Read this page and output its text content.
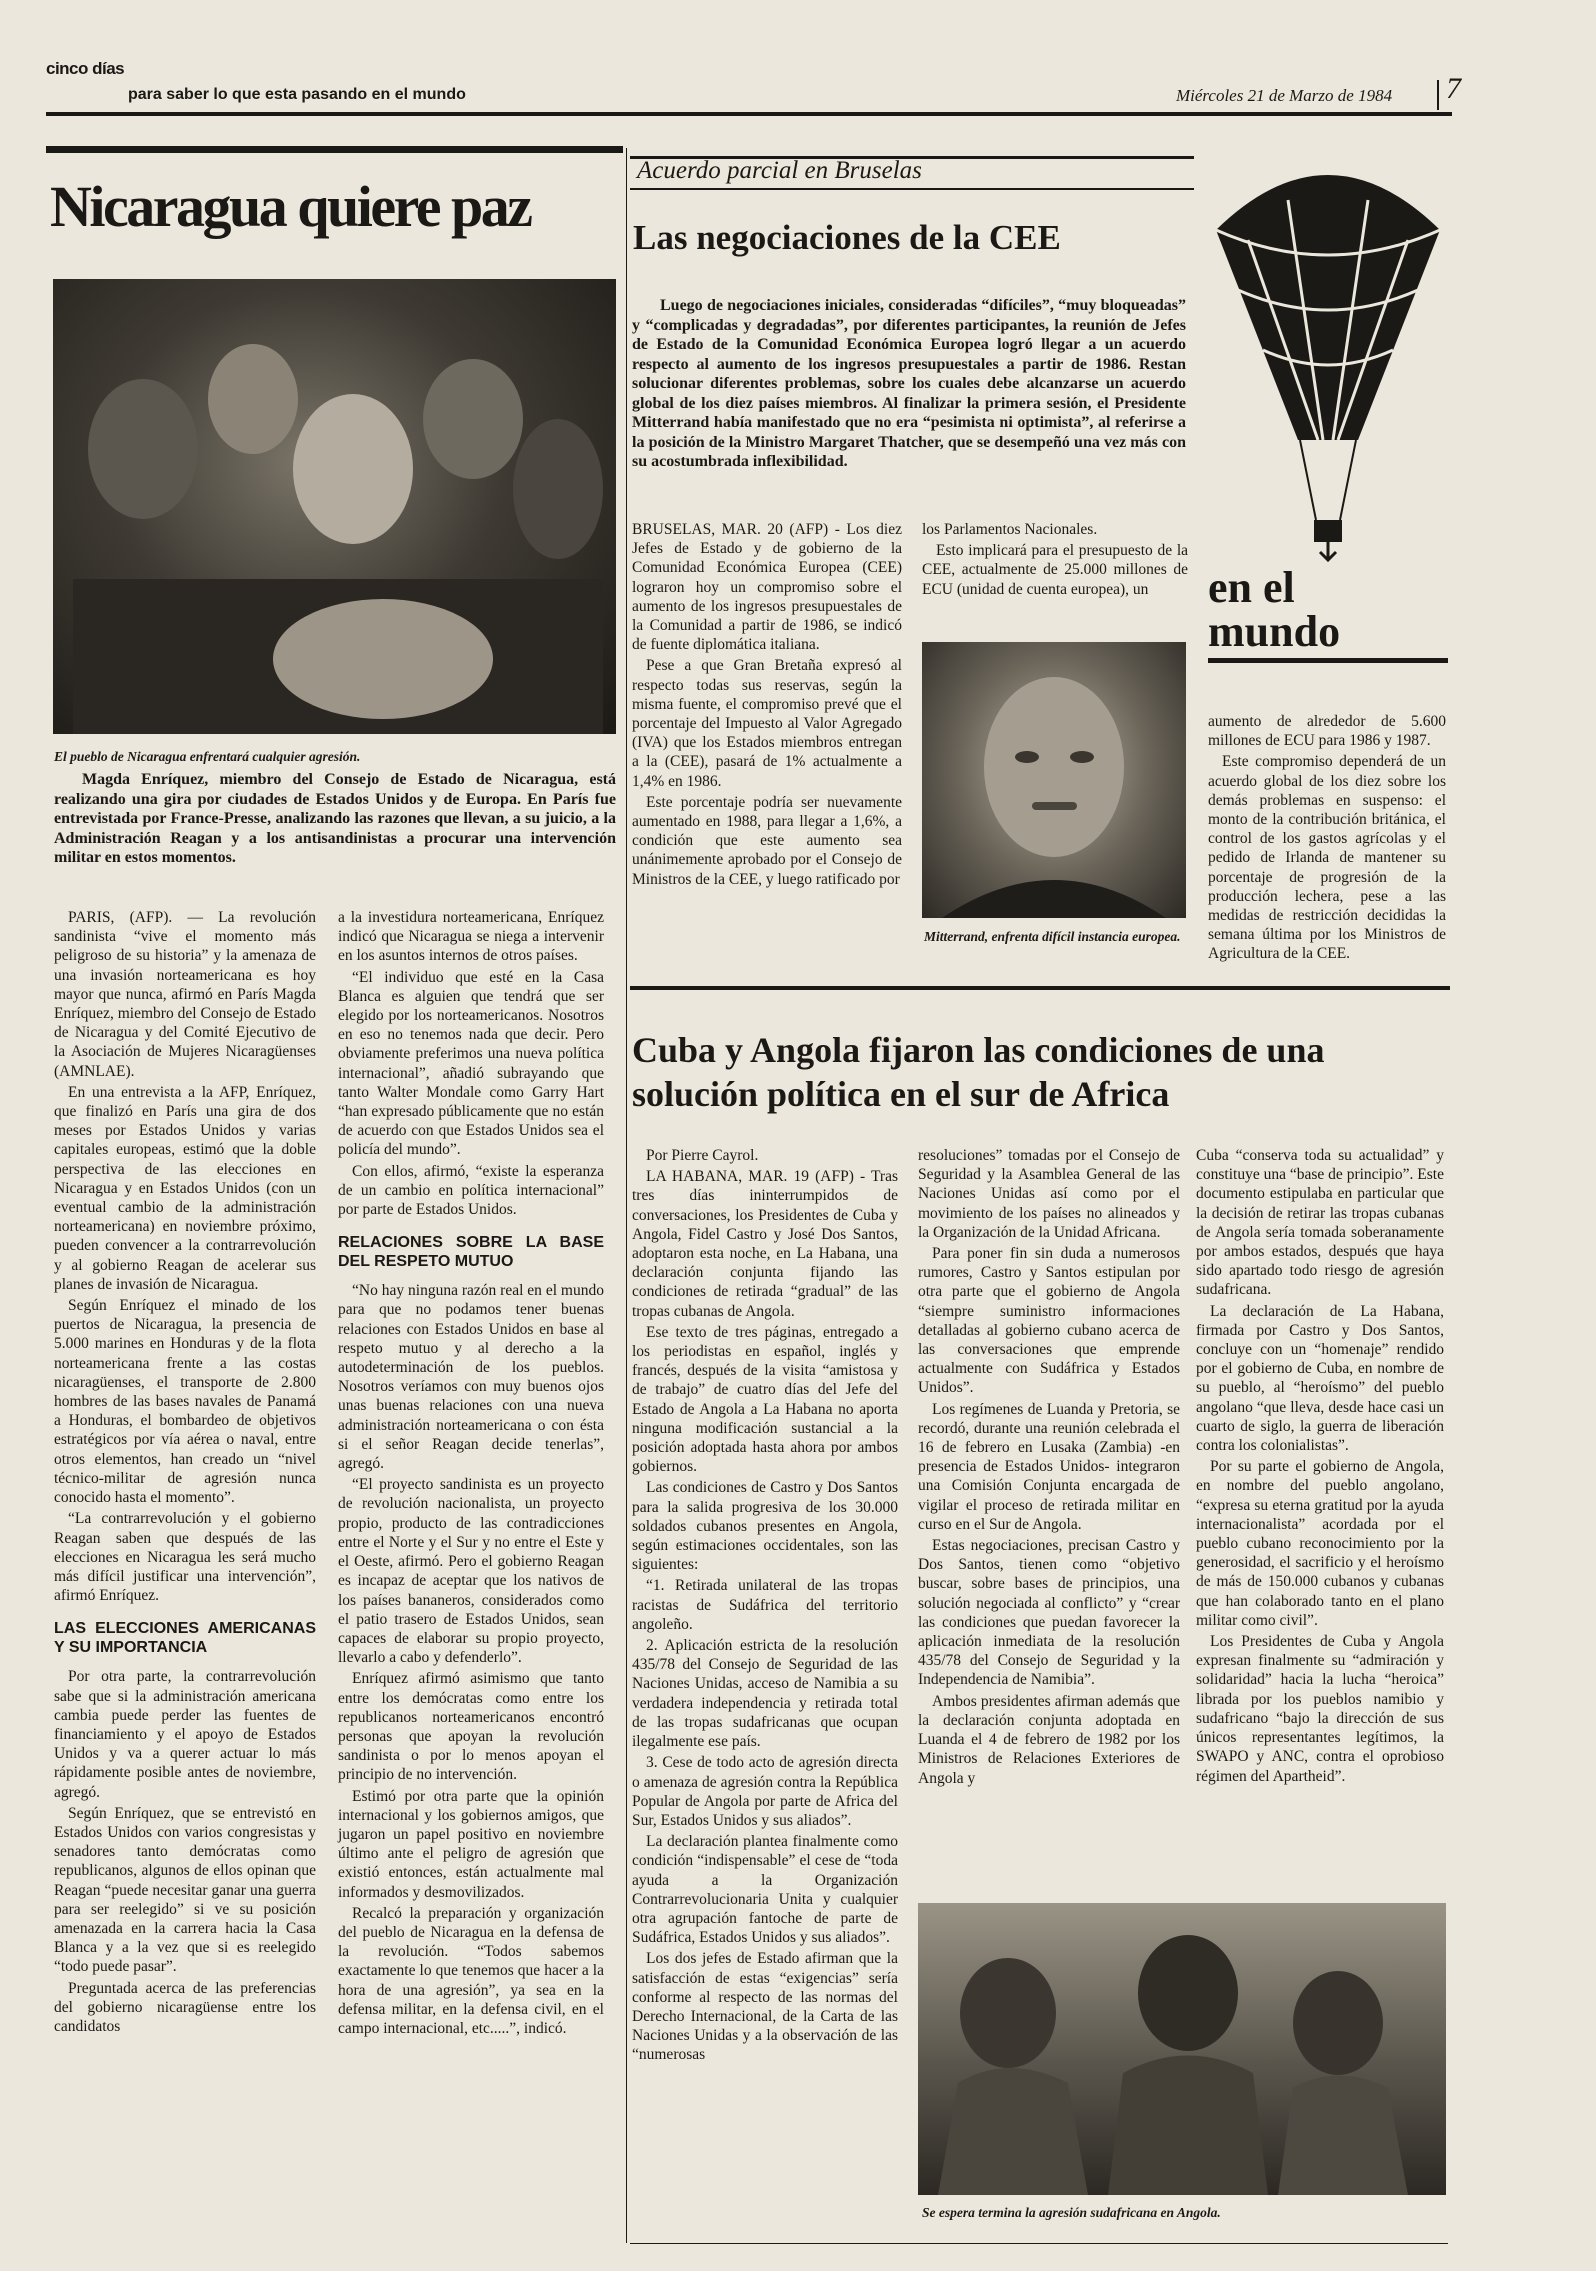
cinco días
para saber lo que esta pasando en el mundo	Miércoles 21 de Marzo de 1984 7
Nicaragua quiere paz
El pueblo de Nicaragua enfrentará cualquier agresión.

Magda Enríquez, miembro del Consejo de Estado de Nicaragua, está realizando una gira por ciudades de Estados Unidos y de Europa. En París fue entrevistada por France-Presse, analizando las razones que llevan, a su juicio, a la Administración Reagan y a los antisandinistas a procurar una intervención militar en estos momentos.

PARIS, (AFP). — La revolución sandinista “vive el momento más peligroso de su historia” y la amenaza de una invasión norteamericana es hoy mayor que nunca, afirmó en París Magda Enríquez, miembro del Consejo de Estado de Nicaragua y del Comité Ejecutivo de la Asociación de Mujeres Nicaragüenses (AMNLAE).

En una entrevista a la AFP, Enríquez, que finalizó en París una gira de dos meses por Estados Unidos y varias capitales europeas, estimó que la doble perspectiva de las elecciones en Nicaragua y en Estados Unidos (con un eventual cambio de la administración norteamericana) en noviembre próximo, pueden convencer a la contrarrevolución y al gobierno Reagan de acelerar sus planes de invasión de Nicaragua.

Según Enríquez el minado de los puertos de Nicaragua, la presencia de 5.000 marines en Honduras y de la flota norteamericana frente a las costas nicaragüenses, el transporte de 2.800 hombres de las bases navales de Panamá a Honduras, el bombardeo de objetivos estratégicos por vía aérea o naval, entre otros elementos, han creado un “nivel técnico-militar de agresión nunca conocido hasta el momento”.

“La contrarrevolución y el gobierno Reagan saben que después de las elecciones en Nicaragua les será mucho más difícil justificar una intervención”, afirmó Enríquez.

LAS ELECCIONES AMERICANAS Y SU IMPORTANCIA

Por otra parte, la contrarrevolución sabe que si la administración americana cambia puede perder las fuentes de financiamiento y el apoyo de Estados Unidos y va a querer actuar lo más rápidamente posible antes de noviembre, agregó.

Según Enríquez, que se entrevistó en Estados Unidos con varios congresistas y senadores tanto demócratas como republicanos, algunos de ellos opinan que Reagan “puede necesitar ganar una guerra para ser reelegido” si ve su posición amenazada en la carrera hacia la Casa Blanca y a la vez que si es reelegido “todo puede pasar”.

Preguntada acerca de las preferencias del gobierno nicaragüense entre los candidatos

a la investidura norteamericana, Enríquez indicó que Nicaragua se niega a intervenir en los asuntos internos de otros países.

“El individuo que esté en la Casa Blanca es alguien que tendrá que ser elegido por los norteamericanos. Nosotros en eso no tenemos nada que decir. Pero obviamente preferimos una nueva política internacional”, añadió subrayando que tanto Walter Mondale como Garry Hart “han expresado públicamente que no están de acuerdo con que Estados Unidos sea el policía del mundo”.

Con ellos, afirmó, “existe la esperanza de un cambio en política internacional” por parte de Estados Unidos.

RELACIONES SOBRE LA BASE DEL RESPETO MUTUO

“No hay ninguna razón real en el mundo para que no podamos tener buenas relaciones con Estados Unidos en base al respeto mutuo y al derecho a la autodeterminación de los pueblos. Nosotros veríamos con muy buenos ojos unas buenas relaciones con una nueva administración norteamericana o con ésta si el señor Reagan decide tenerlas”, agregó.

“El proyecto sandinista es un proyecto de revolución nacionalista, un proyecto propio, producto de las contradicciones entre el Norte y el Sur y no entre el Este y el Oeste, afirmó. Pero el gobierno Reagan es incapaz de aceptar que los nativos de los países bananeros, considerados como el patio trasero de Estados Unidos, sean capaces de elaborar su propio proyecto, llevarlo a cabo y defenderlo”.

Enríquez afirmó asimismo que tanto entre los demócratas como entre los republicanos norteamericanos encontró personas que apoyan la revolución sandinista o por lo menos apoyan el principio de no intervención.

Estimó por otra parte que la opinión internacional y los gobiernos amigos, que jugaron un papel positivo en noviembre último ante el peligro de agresión que existió entonces, están actualmente mal informados y desmovilizados.

Recalcó la preparación y organización del pueblo de Nicaragua en la defensa de la revolución. “Todos sabemos exactamente lo que tenemos que hacer a la hora de una agresión”, ya sea en la defensa militar, en la defensa civil, en el campo internacional, etc.....”, indicó.

Acuerdo parcial en Bruselas
Las negociaciones de la CEE

Luego de negociaciones iniciales, consideradas “difíciles”, “muy bloqueadas” y “complicadas y degradadas”, por diferentes participantes, la reunión de Jefes de Estado de la Comunidad Económica Europea logró llegar a un acuerdo respecto al aumento de los ingresos presupuestales a partir de 1986. Restan solucionar diferentes problemas, sobre los cuales debe alcanzarse un acuerdo global de los diez países miembros. Al finalizar la primera sesión, el Presidente Mitterrand había manifestado que no era “pesimista ni optimista”, al referirse a la posición de la Ministro Margaret Thatcher, que se desempeñó una vez más con su acostumbrada inflexibilidad.

BRUSELAS, MAR. 20 (AFP) - Los diez Jefes de Estado y de gobierno de la Comunidad Económica Europea (CEE) lograron hoy un compromiso sobre el aumento de los ingresos presupuestales de la Comunidad a partir de 1986, se indicó de fuente diplomática italiana.

Pese a que Gran Bretaña expresó al respecto todas sus reservas, según la misma fuente, el compromiso prevé que el porcentaje del Impuesto al Valor Agregado (IVA) que los Estados miembros entregan a la (CEE), pasará de 1% actualmente a 1,4% en 1986.

Este porcentaje podría ser nuevamente aumentado en 1988, para llegar a 1,6%, a condición que este aumento sea unánimemente aprobado por el Consejo de Ministros de la CEE, y luego ratificado por

los Parlamentos Nacionales.

Esto implicará para el presupuesto de la CEE, actualmente de 25.000 millones de ECU (unidad de cuenta europea), un

Mitterrand, enfrenta difícil instancia europea.

aumento de alrededor de 5.600 millones de ECU para 1986 y 1987.

Este compromiso dependerá de un acuerdo global de los diez sobre los demás problemas en suspenso: el monto de la contribución británica, el control de los gastos agrícolas y el pedido de Irlanda de mantener su porcentaje de progresión de la producción lechera, pese a las medidas de restricción decididas la semana última por los Ministros de Agricultura de la CEE.

en el
mundo
Cuba y Angola fijaron las condiciones de una solución política en el sur de Africa

Por Pierre Cayrol.

LA HABANA, MAR. 19 (AFP) - Tras tres días ininterrumpidos de conversaciones, los Presidentes de Cuba y Angola, Fidel Castro y José Dos Santos, adoptaron esta noche, en La Habana, una declaración conjunta fijando las condiciones de retirada “gradual” de las tropas cubanas de Angola.

Ese texto de tres páginas, entregado a los periodistas en español, inglés y francés, después de la visita “amistosa y de trabajo” de cuatro días del Jefe del Estado de Angola a La Habana no aporta ninguna modificación sustancial a la posición adoptada hasta ahora por ambos gobiernos.

Las condiciones de Castro y Dos Santos para la salida progresiva de los 30.000 soldados cubanos presentes en Angola, según estimaciones occidentales, son las siguientes:

“1. Retirada unilateral de las tropas racistas de Sudáfrica del territorio angoleño.

2. Aplicación estricta de la resolución 435/78 del Consejo de Seguridad de las Naciones Unidas, acceso de Namibia a su verdadera independencia y retirada total de las tropas sudafricanas que ocupan ilegalmente ese país.

3. Cese de todo acto de agresión directa o amenaza de agresión contra la República Popular de Angola por parte de Africa del Sur, Estados Unidos y sus aliados”.

La declaración plantea finalmente como condición “indispensable” el cese de “toda ayuda a la Organización Contrarrevolucionaria Unita y cualquier otra agrupación fantoche de parte de Sudáfrica, Estados Unidos y sus aliados”.

Los dos jefes de Estado afirman que la satisfacción de estas “exigencias” sería conforme al respecto de las normas del Derecho Internacional, de la Carta de las Naciones Unidas y a la observación de las “numerosas

resoluciones” tomadas por el Consejo de Seguridad y la Asamblea General de las Naciones Unidas así como por el movimiento de los países no alineados y la Organización de la Unidad Africana.

Para poner fin sin duda a numerosos rumores, Castro y Santos estipulan por otra parte que el gobierno de Angola “siempre suministro informaciones detalladas al gobierno cubano acerca de las conversaciones que emprende actualmente con Sudáfrica y Estados Unidos”.

Los regímenes de Luanda y Pretoria, se recordó, durante una reunión celebrada el 16 de febrero en Lusaka (Zambia) -en presencia de Estados Unidos- integraron una Comisión Conjunta encargada de vigilar el proceso de retirada militar en curso en el Sur de Angola.

Estas negociaciones, precisan Castro y Dos Santos, tienen como “objetivo buscar, sobre bases de principios, una solución negociada al conflicto” y “crear las condiciones que puedan favorecer la aplicación inmediata de la resolución 435/78 del Consejo de Seguridad y la Independencia de Namibia”.

Ambos presidentes afirman además que la declaración conjunta adoptada en Luanda el 4 de febrero de 1982 por los Ministros de Relaciones Exteriores de Angola y

Cuba “conserva toda su actualidad” y constituye una “base de principio”. Este documento estipulaba en particular que la decisión de retirar las tropas cubanas de Angola sería tomada soberanamente por ambos estados, después que haya sido apartado todo riesgo de agresión sudafricana.

La declaración de La Habana, firmada por Castro y Dos Santos, concluye con un “homenaje” rendido por el gobierno de Cuba, en nombre de su pueblo, al “heroísmo” del pueblo angolano “que lleva, desde hace casi un cuarto de siglo, la guerra de liberación contra los colonialistas”.

Por su parte el gobierno de Angola, en nombre del pueblo angolano, “expresa su eterna gratitud por la ayuda internacionalista” acordada por el pueblo cubano reconocimiento por la generosidad, el sacrificio y el heroísmo de más de 150.000 cubanos y cubanas que han colaborado tanto en el plano militar como civil”.

Los Presidentes de Cuba y Angola expresan finalmente su “admiración y solidaridad” hacia la lucha “heroica” librada por los pueblos namibio y sudafricano “bajo la dirección de sus únicos representantes legítimos, la SWAPO y ANC, contra el oprobioso régimen del Apartheid”.

Se espera termina la agresión sudafricana en Angola.
